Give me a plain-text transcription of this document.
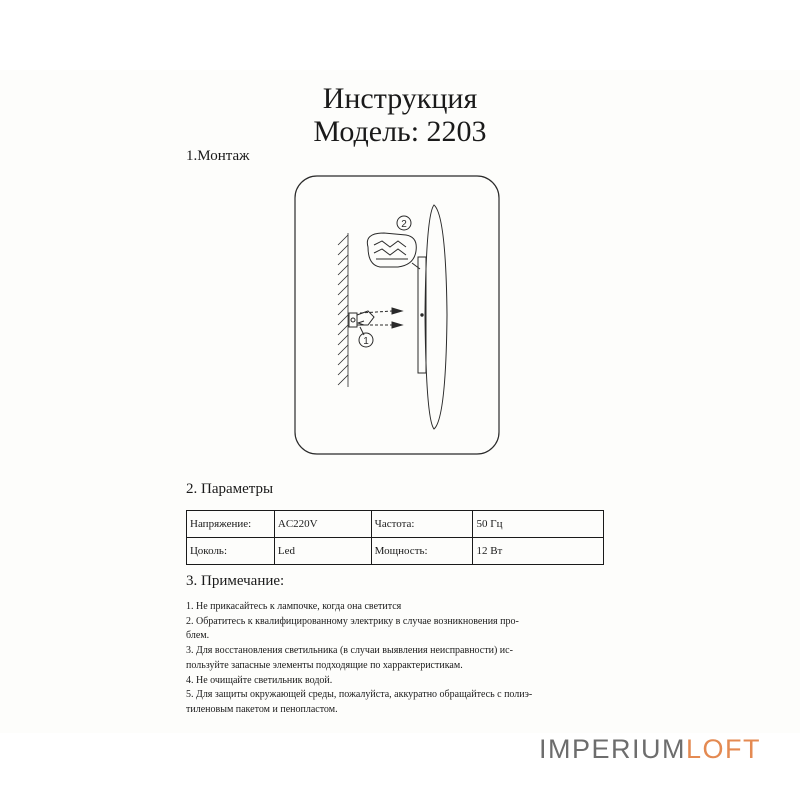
Инструкция
Модель: 2203
1.Монтаж
1
2
2. Параметры
Напряжение:	AC220V	Частота:	50 Гц
Цоколь:	Led	Мощность:	12 Вт
3. Примечание:
1. Не прикасайтесь к лампочке, когда она светится
2. Обратитесь к квалифицированному электрику в случае возникновения про-
блем.
3. Для восстановления светильника (в случаи выявления неисправности) ис-
пользуйте запасные элементы подходящие по харрактеристикам.
4. Не очищайте светильник водой.
5. Для защиты окружающей среды, пожалуйста, аккуратно обращайтесь с полиэ-
тиленовым пакетом и пенопластом.
IMPERIUMLOFT
